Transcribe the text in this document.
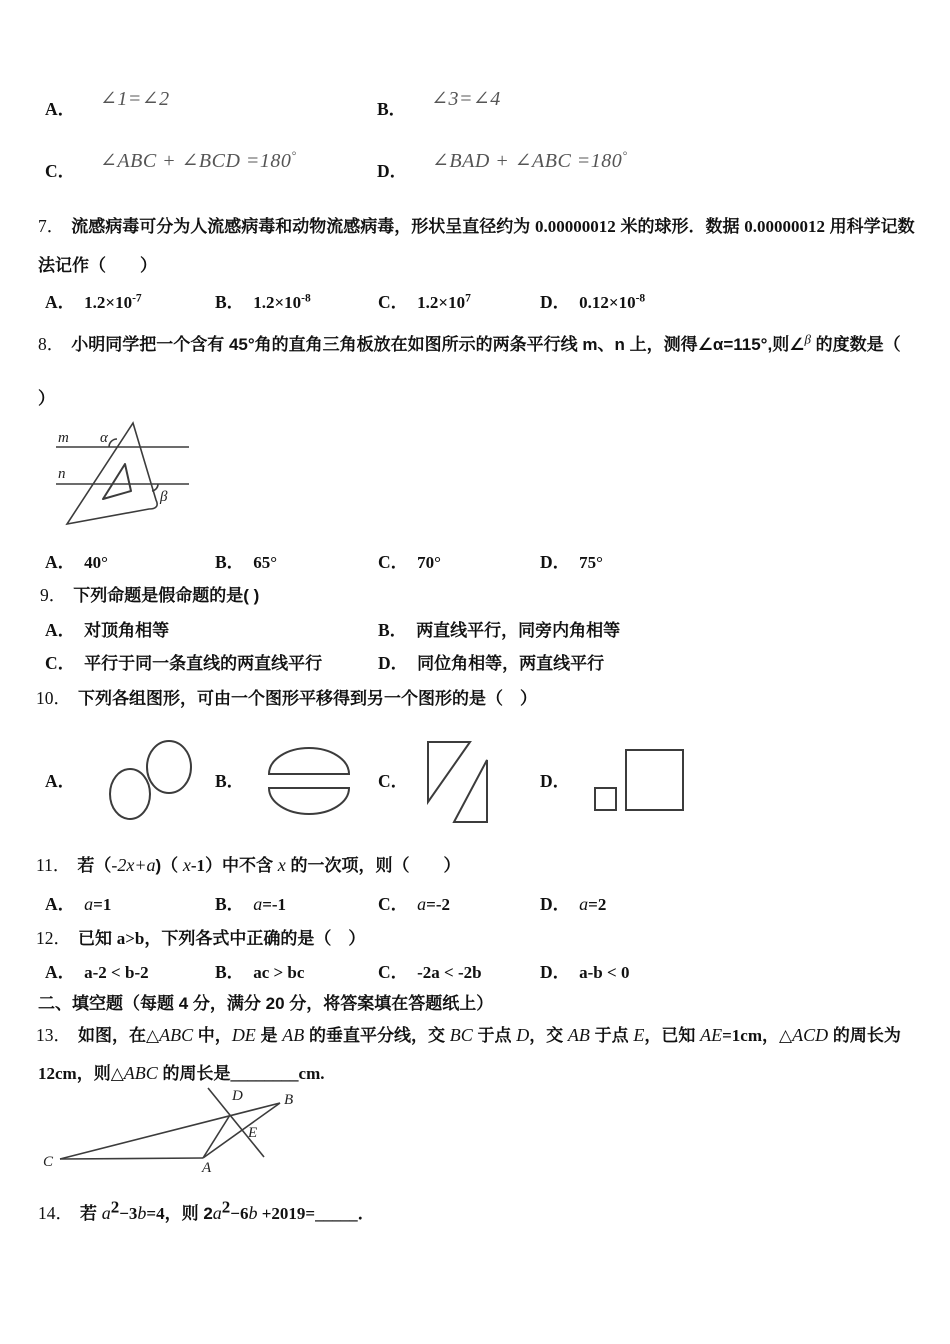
A． ∠1=∠2	B． ∠3=∠4
C． ∠ABC + ∠BCD =180°
D． ∠BAD + ∠ABC =180°
7． 流感病毒可分为人流感病毒和动物流感病毒，形状呈直径约为 0.00000012 米的球形．数据 0.00000012 用科学记数
法记作（　　）
A． $1.2\times 10^{-7}$	B． $1.2\times 10^{-8}$	C． $1.2\times 10^7$	D． $0.12\times 10^{-8}$
8． 小明同学把一个含有 45°角的直角三角板放在如图所示的两条平行线 m、n 上，测得∠α=115°,则∠$^\beta$ 的度数是（
）
m
n
α
β
A． 40°	B． 65°	C． 70°	D． 75°
9． 下列命题是假命题的是( )
A． 对顶角相等	B． 两直线平行，同旁内角相等
C． 平行于同一条直线的两直线平行	D． 同位角相等，两直线平行
10． 下列各组图形，可由一个图形平移得到另一个图形的是（　）
A．	B．	C．	D．
11． 若（-2x+a)（ x-1）中不含 x 的一次项，则（　　）
A． a=1	B． a=-1	C． a=-2	D． a=2
12． 已知 a>b，下列各式中正确的是（　）
A． a-2 < b-2	B． ac > bc	C． -2a < -2b	D． a-b < 0
二、填空题（每题 4 分，满分 20 分，将答案填在答题纸上）
13． 如图，在△ABC 中，DE 是 AB 的垂直平分线，交 BC 于点 D，交 AB 于点 E，已知 AE=1cm，△ACD 的周长为
12cm，则△ABC 的周长是________cm.
C	A
B
D
E
14． 若 $a^2-3b=4$，则 $2a^2-6b$ +2019=_____．
